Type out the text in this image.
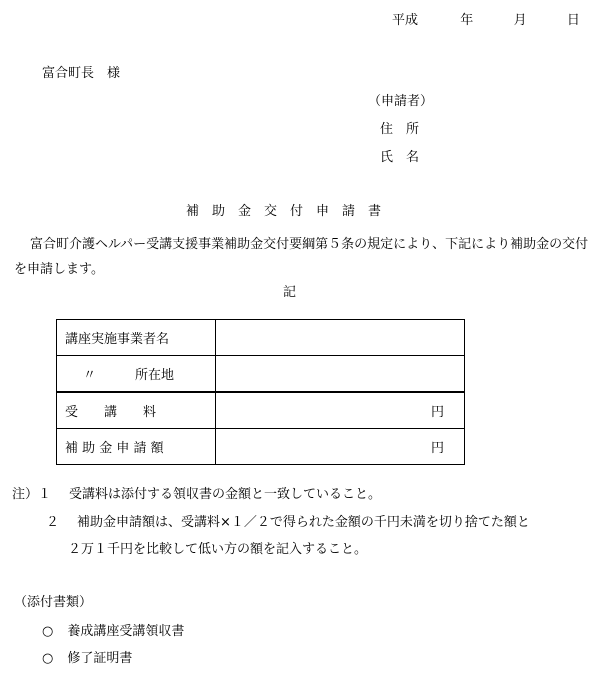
平成	年	月	日
富合町長　様
（申請者）
住　所
氏　名
補　助　金　交　付　申　請　書
富合町介護ヘルパー受講支援事業補助金交付要綱第５条の規定により、下記により補助金の交付を申請します。
記
講座実施事業者名	
〃　　　所在地	
受　　講　　料	円
補 助 金 申 請 額	円
注）１ 受講料は添付する領収書の金額と一致していること。
２ 補助金申請額は、受講料×１／２で得られた金額の千円未満を切り捨てた額と
２万１千円を比較して低い方の額を記入すること。
（添付書類）
○ 養成講座受講領収書
○ 修了証明書
